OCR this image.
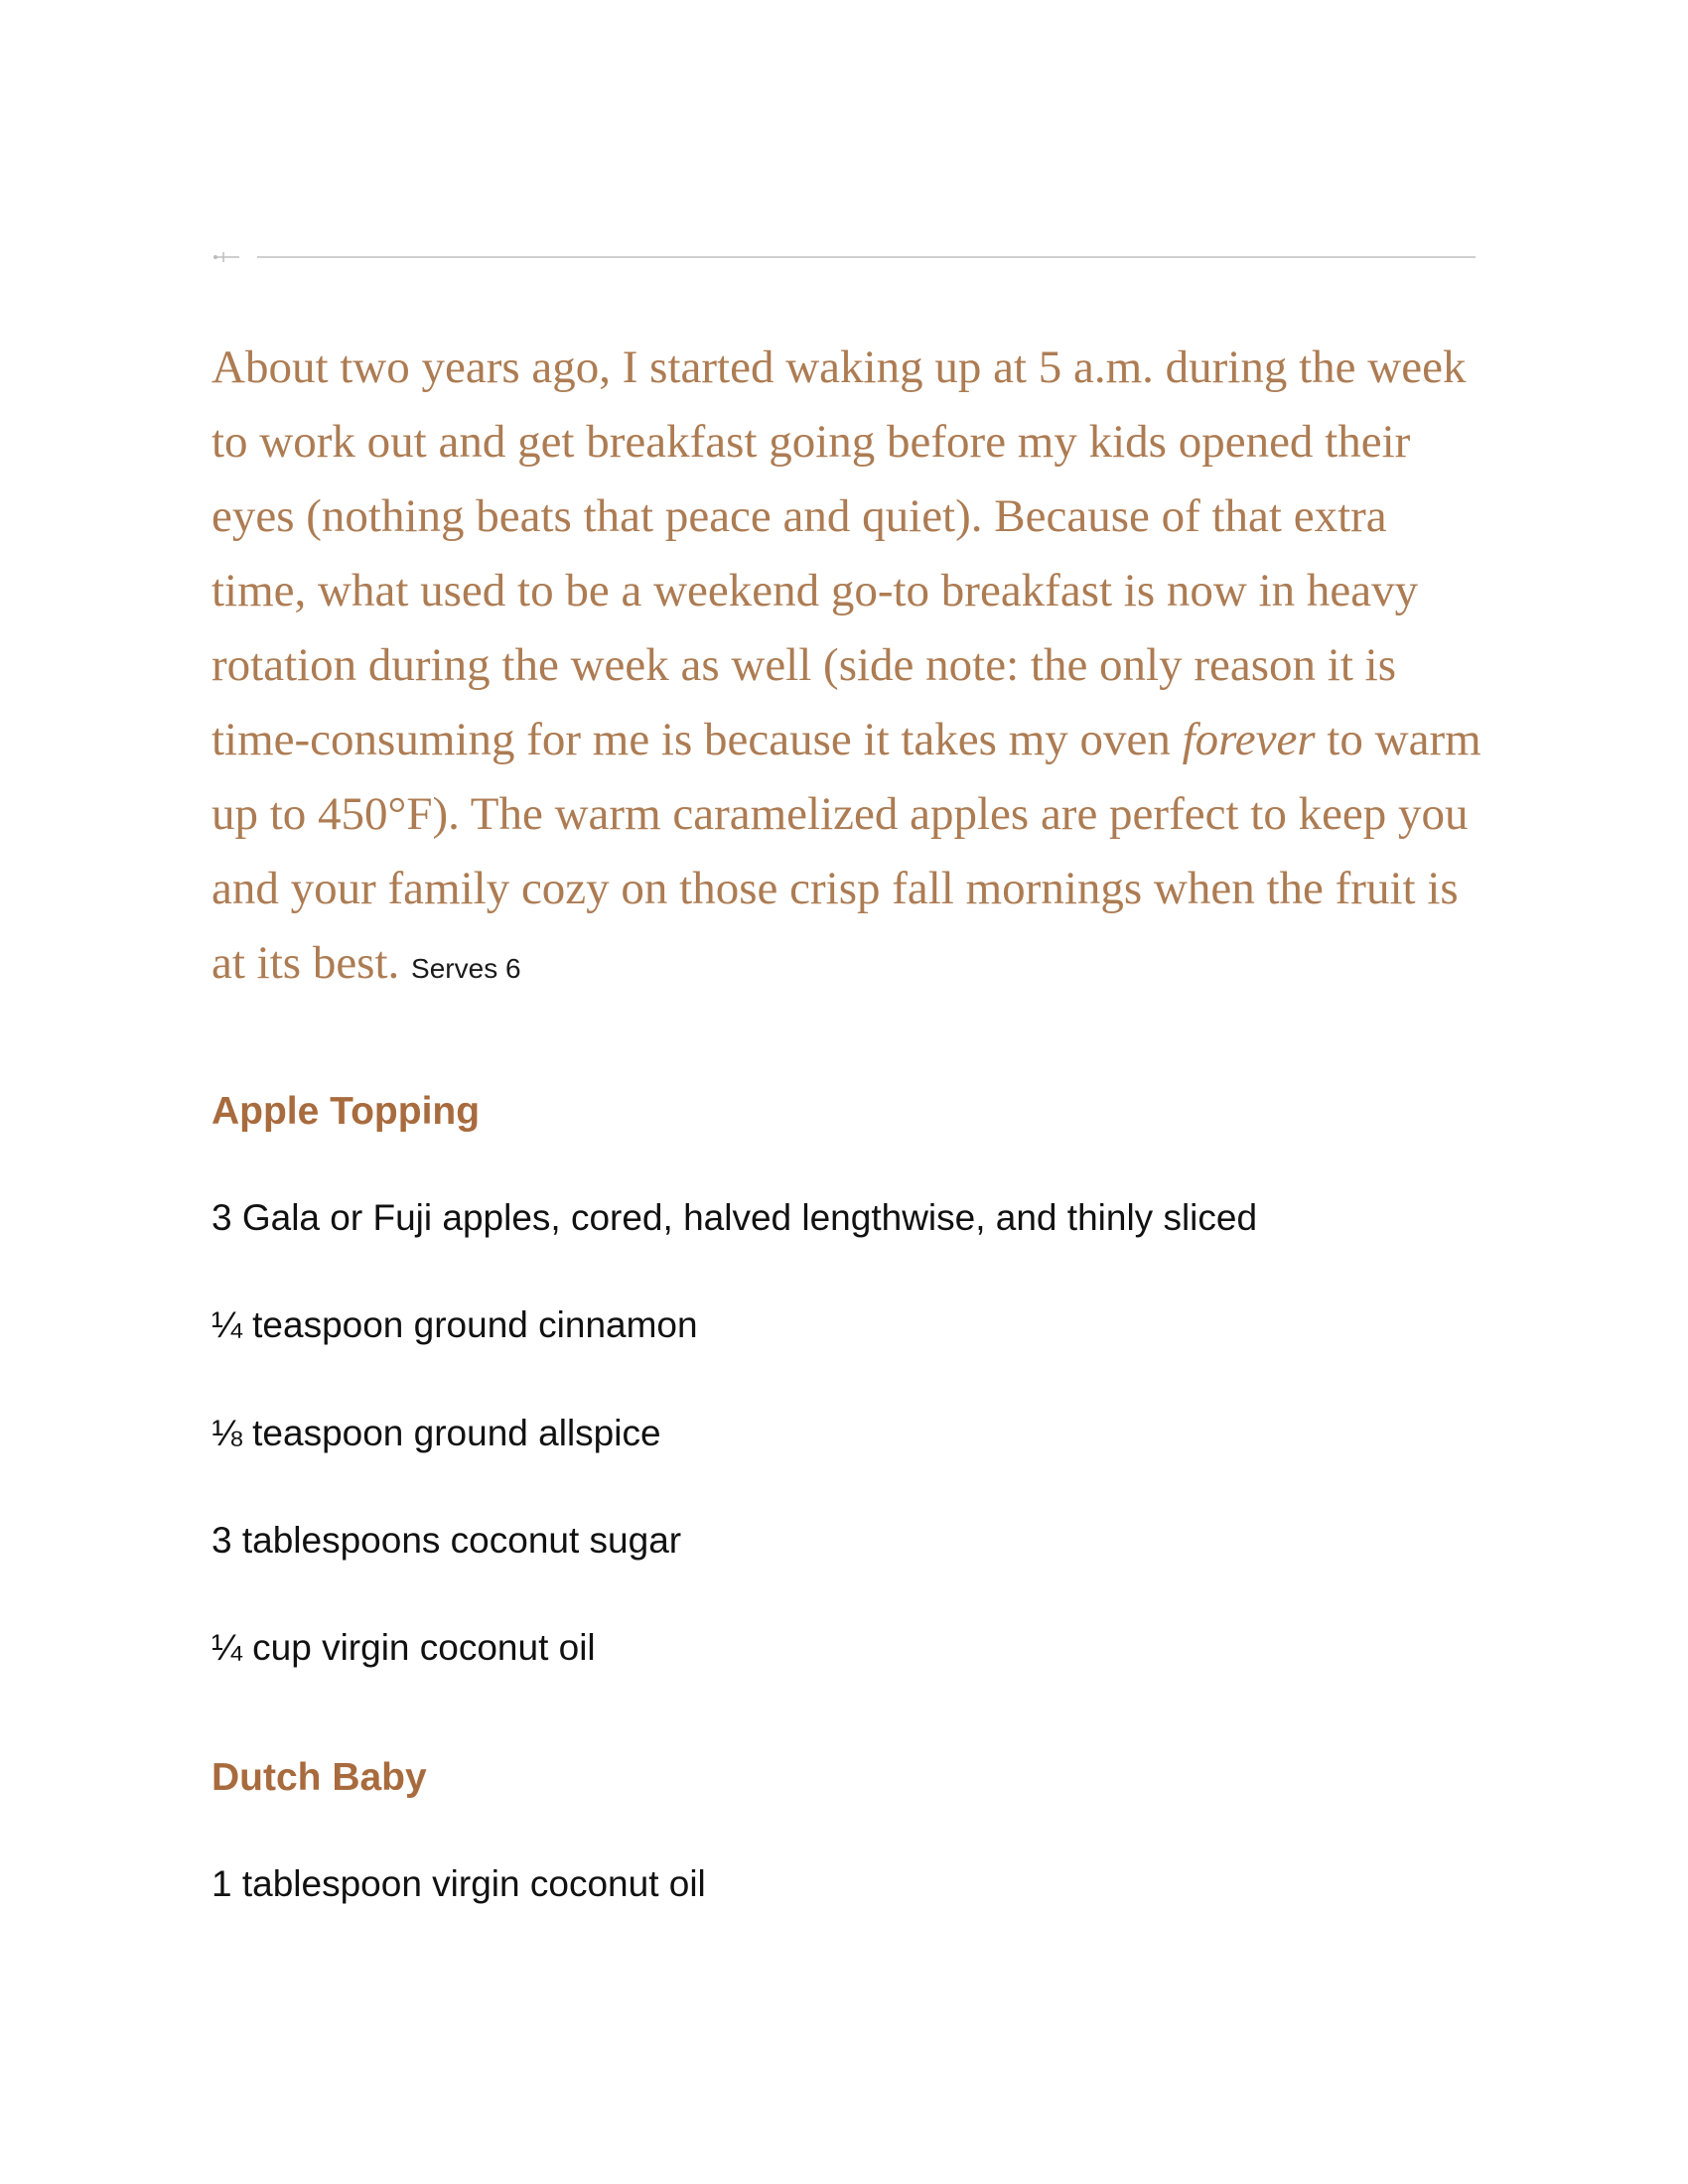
About two years ago, I started waking up at 5 a.m. during the week to work out and get breakfast going before my kids opened their eyes (nothing beats that peace and quiet). Because of that extra time, what used to be a weekend go-to breakfast is now in heavy rotation during the week as well (side note: the only reason it is time-consuming for me is because it takes my oven forever to warm up to 450°F). The warm caramelized apples are perfect to keep you and your family cozy on those crisp fall mornings when the fruit is at its best. Serves 6

Apple Topping

3 Gala or Fuji apples, cored, halved lengthwise, and thinly sliced

¼ teaspoon ground cinnamon

⅛ teaspoon ground allspice

3 tablespoons coconut sugar

¼ cup virgin coconut oil

Dutch Baby

1 tablespoon virgin coconut oil
